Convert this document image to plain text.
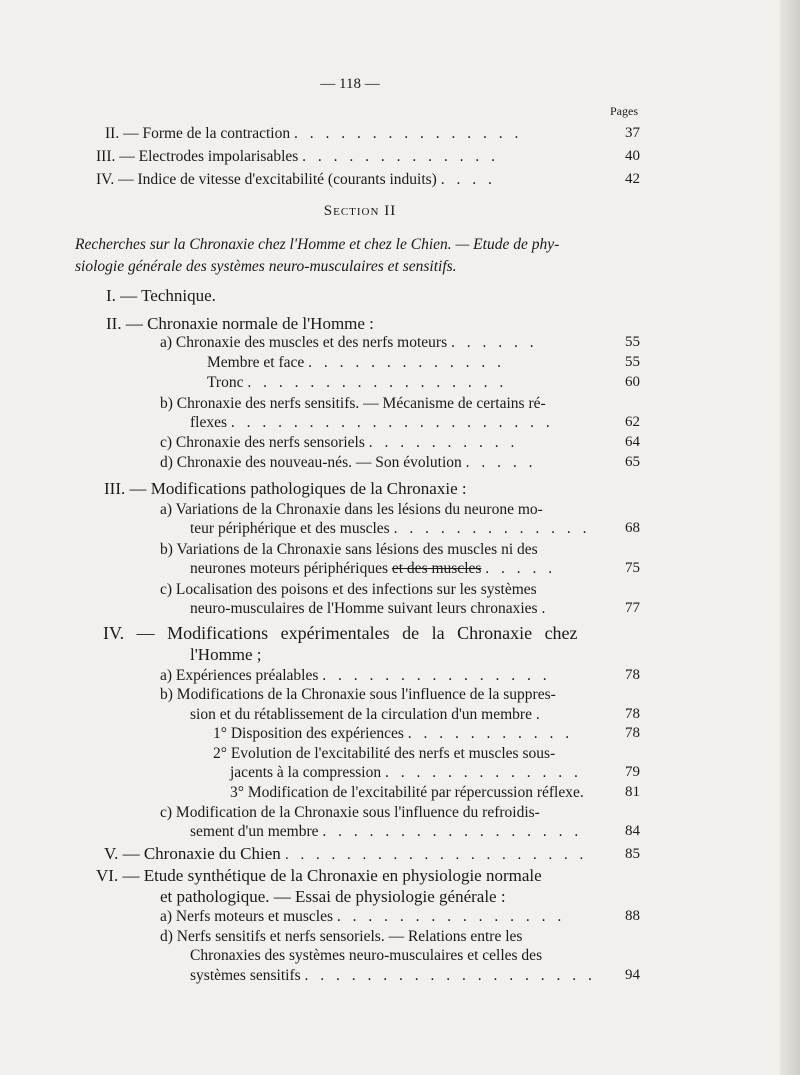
— 118 —
Pages
II. — Forme de la contraction . . . . . . . . . . . . . . .	37
III. — Electrodes impolarisables . . . . . . . . . . . . .	40
IV. — Indice de vitesse d'excitabilité (courants induits) . . . .	42
Section II
Recherches sur la Chronaxie chez l'Homme et chez le Chien. — Etude de phy-
siologie générale des systèmes neuro-musculaires et sensitifs.
I. — Technique.
II. — Chronaxie normale de l'Homme :
a) Chronaxie des muscles et des nerfs moteurs . . . . . .	55
Membre et face . . . . . . . . . . . . .	55
Tronc . . . . . . . . . . . . . . . . .	60
b) Chronaxie des nerfs sensitifs. — Mécanisme de certains ré-
flexes . . . . . . . . . . . . . . . . . . . . .	62
c) Chronaxie des nerfs sensoriels . . . . . . . . . .	64
d) Chronaxie des nouveau-nés. — Son évolution . . . . .	65
III. — Modifications pathologiques de la Chronaxie :
a) Variations de la Chronaxie dans les lésions du neurone mo-
teur périphérique et des muscles . . . . . . . . . . . . .	68
b) Variations de la Chronaxie sans lésions des muscles ni des
neurones moteurs périphériques et des muscles . . . . .	75
c) Localisation des poisons et des infections sur les systèmes
neuro-musculaires de l'Homme suivant leurs chronaxies .	77
IV. — Modifications expérimentales de la Chronaxie chez
l'Homme ;
a) Expériences préalables . . . . . . . . . . . . . . .	78
b) Modifications de la Chronaxie sous l'influence de la suppres-
sion et du rétablissement de la circulation d'un membre .	78
1° Disposition des expériences . . . . . . . . . . .	78
2° Evolution de l'excitabilité des nerfs et muscles sous-
jacents à la compression . . . . . . . . . . . . .	79
3° Modification de l'excitabilité par répercussion réflexe.	81
c) Modification de la Chronaxie sous l'influence du refroidis-
sement d'un membre . . . . . . . . . . . . . . . . .	84
V. — Chronaxie du Chien . . . . . . . . . . . . . . . . . . . .	85
VI. — Etude synthétique de la Chronaxie en physiologie normale
et pathologique. — Essai de physiologie générale :
a) Nerfs moteurs et muscles . . . . . . . . . . . . . . .	88
d) Nerfs sensitifs et nerfs sensoriels. — Relations entre les
Chronaxies des systèmes neuro-musculaires et celles des
systèmes sensitifs . . . . . . . . . . . . . . . . . . .	94
